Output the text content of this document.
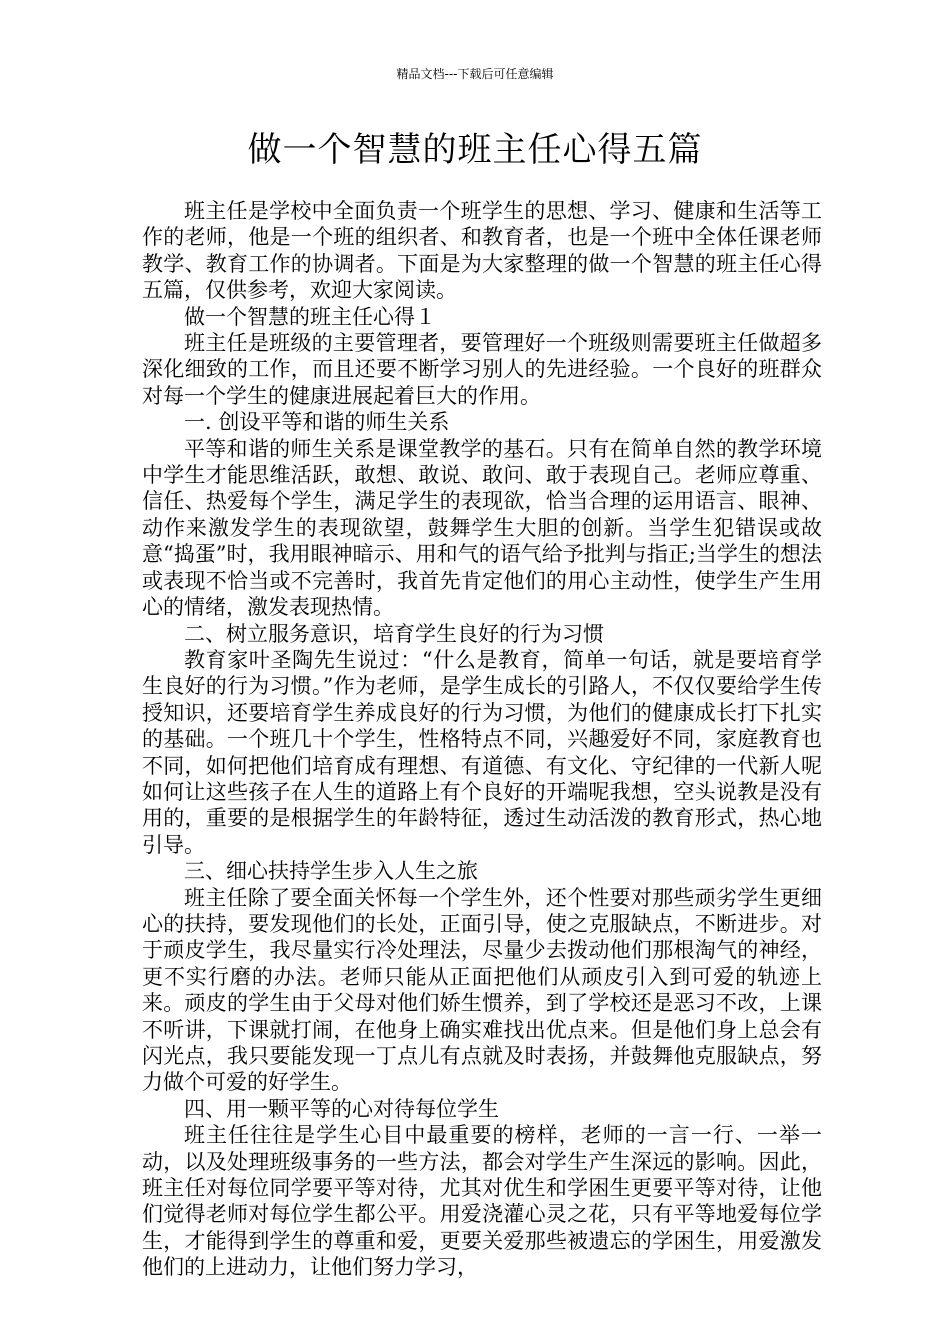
精品文档---下载后可任意编辑
做一个智慧的班主任心得五篇

班主任是学校中全面负责一个班学生的思想、学习、健康和生活等工作的老师，他是一个班的组织者、和教育者，也是一个班中全体任课老师教学、教育工作的协调者。下面是为大家整理的做一个智慧的班主任心得五篇，仅供参考，欢迎大家阅读。

做一个智慧的班主任心得１

班主任是班级的主要管理者，要管理好一个班级则需要班主任做超多深化细致的工作，而且还要不断学习别人的先进经验。一个良好的班群众对每一个学生的健康进展起着巨大的作用。

一. 创设平等和谐的师生关系

平等和谐的师生关系是课堂教学的基石。只有在简单自然的教学环境中学生才能思维活跃，敢想、敢说、敢问、敢于表现自己。老师应尊重、信任、热爱每个学生，满足学生的表现欲，恰当合理的运用语言、眼神、动作来激发学生的表现欲望，鼓舞学生大胆的创新。当学生犯错误或故意“捣蛋”时，我用眼神暗示、用和气的语气给予批判与指正;当学生的想法或表现不恰当或不完善时，我首先肯定他们的用心主动性，使学生产生用心的情绪，激发表现热情。

二、树立服务意识，培育学生良好的行为习惯

教育家叶圣陶先生说过：“什么是教育，简单一句话，就是要培育学生良好的行为习惯。”作为老师，是学生成长的引路人，不仅仅要给学生传授知识，还要培育学生养成良好的行为习惯，为他们的健康成长打下扎实的基础。一个班几十个学生，性格特点不同，兴趣爱好不同，家庭教育也不同，如何把他们培育成有理想、有道德、有文化、守纪律的一代新人呢如何让这些孩子在人生的道路上有个良好的开端呢我想，空头说教是没有用的，重要的是根据学生的年龄特征，透过生动活泼的教育形式，热心地引导。

三、细心扶持学生步入人生之旅

班主任除了要全面关怀每一个学生外，还个性要对那些顽劣学生更细心的扶持，要发现他们的长处，正面引导，使之克服缺点，不断进步。对于顽皮学生，我尽量实行冷处理法，尽量少去拨动他们那根淘气的神经，更不实行磨的办法。老师只能从正面把他们从顽皮引入到可爱的轨迹上来。顽皮的学生由于父母对他们娇生惯养，到了学校还是恶习不改，上课不听讲，下课就打闹，在他身上确实难找出优点来。但是他们身上总会有闪光点，我只要能发现一丁点儿有点就及时表扬，并鼓舞他克服缺点，努力做个可爱的好学生。

四、用一颗平等的心对待每位学生

班主任往往是学生心目中最重要的榜样，老师的一言一行、一举一动，以及处理班级事务的一些方法，都会对学生产生深远的影响。因此，班主任对每位同学要平等对待，尤其对优生和学困生更要平等对待，让他们觉得老师对每位学生都公平。用爱浇灌心灵之花，只有平等地爱每位学生，才能得到学生的尊重和爱，更要关爱那些被遗忘的学困生，用爱激发他们的上进动力，让他们努力学习，
